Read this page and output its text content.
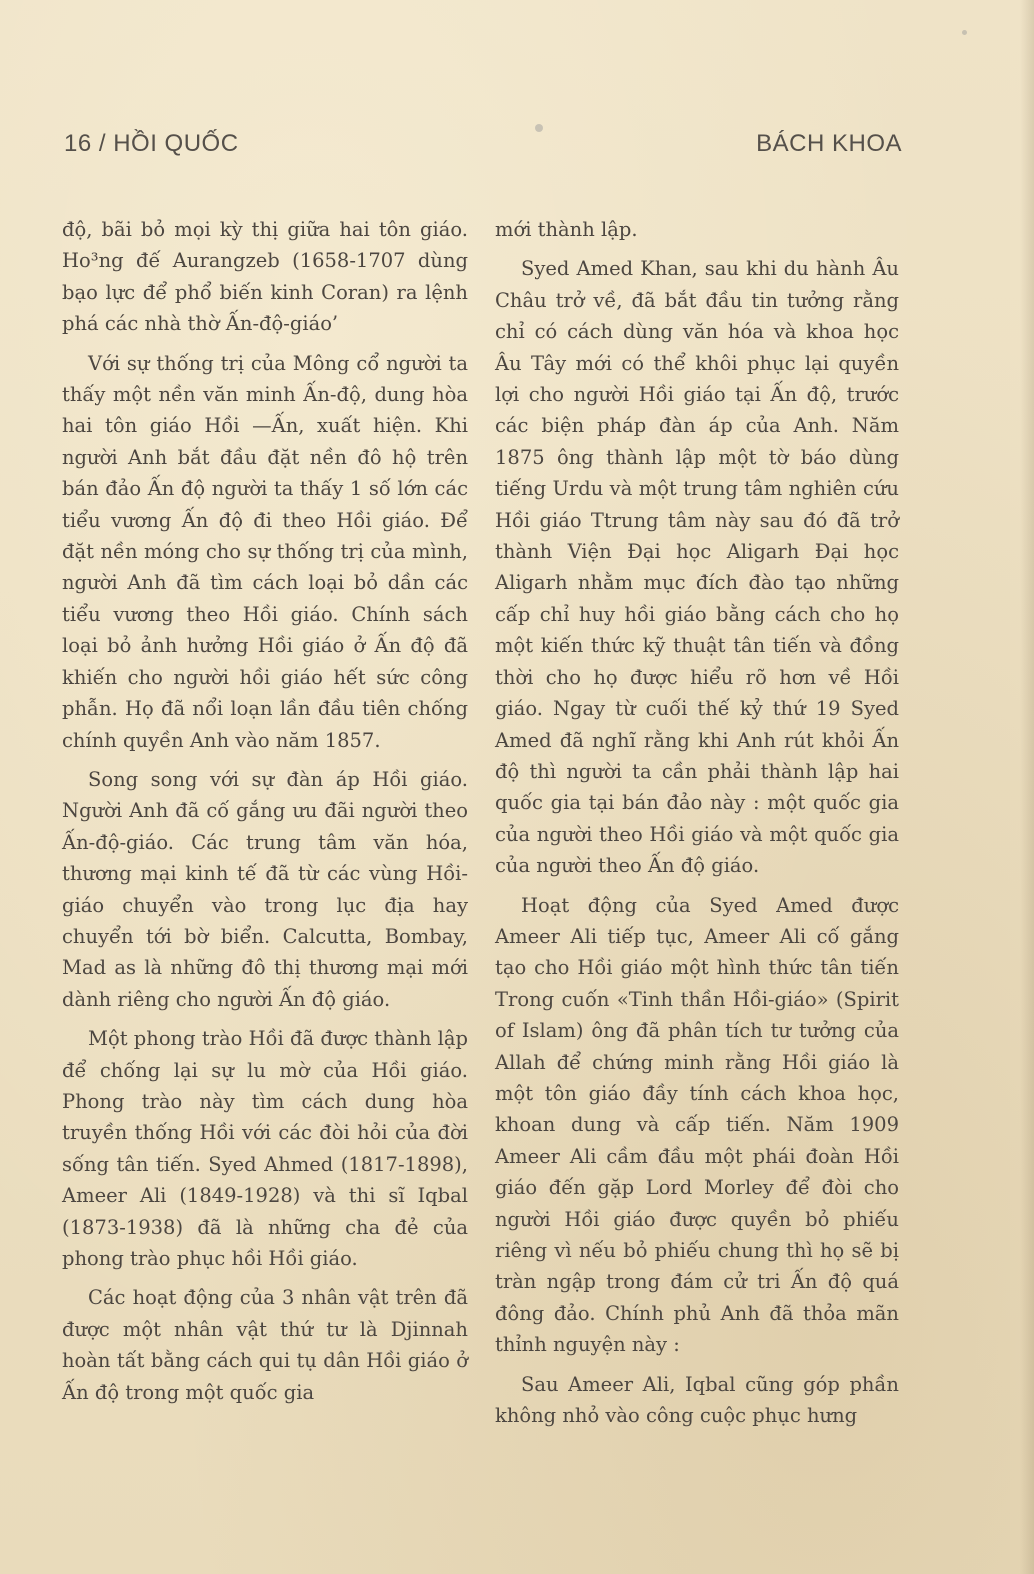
16 / HỒI QUỐC	BÁCH KHOA

độ, bãi bỏ mọi kỳ thị giữa hai tôn giáo. Ho³ng đế Aurangzeb (1658-1707 dùng bạo lực để phổ biến kinh Coran) ra lệnh phá các nhà thờ Ấn-độ-giáo’

Với sự thống trị của Mông cổ người ta thấy một nền văn minh Ấn-độ, dung hòa hai tôn giáo Hồi —Ấn, xuất hiện. Khi người Anh bắt đầu đặt nền đô hộ trên bán đảo Ấn độ người ta thấy 1 số lớn các tiểu vương Ấn độ đi theo Hồi giáo. Để đặt nền móng cho sự thống trị của mình, người Anh đã tìm cách loại bỏ dần các tiểu vương theo Hồi giáo. Chính sách loại bỏ ảnh hưởng Hồi giáo ở Ấn độ đã khiến cho người hồi giáo hết sức công phẫn. Họ đã nổi loạn lần đầu tiên chống chính quyền Anh vào năm 1857.

Song song với sự đàn áp Hồi giáo. Người Anh đã cố gắng ưu đãi người theo Ấn-độ-giáo. Các trung tâm văn hóa, thương mại kinh tế đã từ các vùng Hồi-giáo chuyển vào trong lục địa hay chuyển tới bờ biển. Calcutta, Bombay, Mad as là những đô thị thương mại mới dành riêng cho người Ấn độ giáo.

Một phong trào Hồi đã được thành lập để chống lại sự lu mờ của Hồi giáo. Phong trào này tìm cách dung hòa truyền thống Hồi với các đòi hỏi của đời sống tân tiến. Syed Ahmed (1817-1898), Ameer Ali (1849-1928) và thi sĩ Iqbal (1873-1938) đã là những cha đẻ của phong trào phục hồi Hồi giáo.

Các hoạt động của 3 nhân vật trên đã được một nhân vật thứ tư là Djinnah hoàn tất bằng cách qui tụ dân Hồi giáo ở Ấn độ trong một quốc gia

mới thành lập.

Syed Amed Khan, sau khi du hành Âu Châu trở về, đã bắt đầu tin tưởng rằng chỉ có cách dùng văn hóa và khoa học Âu Tây mới có thể khôi phục lại quyền lợi cho người Hồi giáo tại Ấn độ, trước các biện pháp đàn áp của Anh. Năm 1875 ông thành lập một tờ báo dùng tiếng Urdu và một trung tâm nghiên cứu Hồi giáo Ttrung tâm này sau đó đã trở thành Viện Đại học Aligarh Đại học Aligarh nhằm mục đích đào tạo những cấp chỉ huy hồi giáo bằng cách cho họ một kiến thức kỹ thuật tân tiến và đồng thời cho họ được hiểu rõ hơn về Hồi giáo. Ngay từ cuối thế kỷ thứ 19 Syed Amed đã nghĩ rằng khi Anh rút khỏi Ấn độ thì người ta cần phải thành lập hai quốc gia tại bán đảo này : một quốc gia của người theo Hồi giáo và một quốc gia của người theo Ấn độ giáo.

Hoạt động của Syed Amed được Ameer Ali tiếp tục, Ameer Ali cố gắng tạo cho Hồi giáo một hình thức tân tiến Trong cuốn «Tinh thần Hồi-giáo» (Spirit of Islam) ông đã phân tích tư tưởng của Allah để chứng minh rằng Hồi giáo là một tôn giáo đầy tính cách khoa học, khoan dung và cấp tiến. Năm 1909 Ameer Ali cầm đầu một phái đoàn Hồi giáo đến gặp Lord Morley để đòi cho người Hồi giáo được quyền bỏ phiếu riêng vì nếu bỏ phiếu chung thì họ sẽ bị tràn ngập trong đám cử tri Ấn độ quá đông đảo. Chính phủ Anh đã thỏa mãn thỉnh nguyện này :

Sau Ameer Ali, Iqbal cũng góp phần không nhỏ vào công cuộc phục hưng
